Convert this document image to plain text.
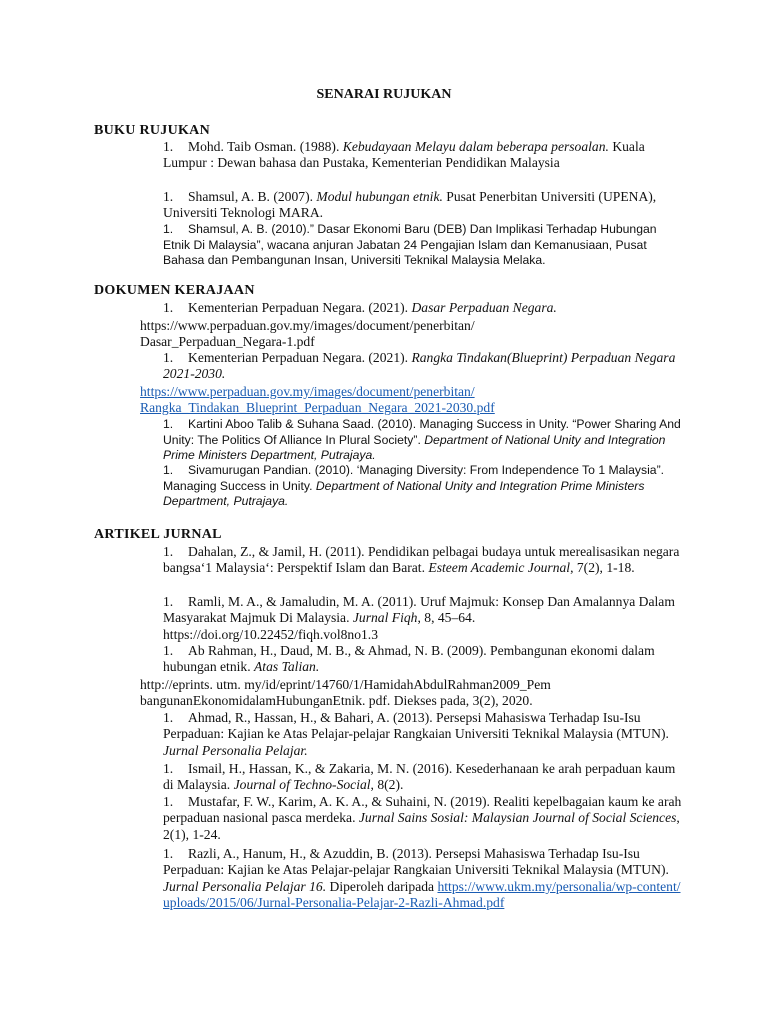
SENARAI RUJUKAN
BUKU RUJUKAN
1. Mohd. Taib Osman. (1988). Kebudayaan Melayu dalam beberapa persoalan. Kuala Lumpur : Dewan bahasa dan Pustaka, Kementerian Pendidikan Malaysia
1. Shamsul, A. B. (2007). Modul hubungan etnik. Pusat Penerbitan Universiti (UPENA), Universiti Teknologi MARA.
1. Shamsul, A. B. (2010).” Dasar Ekonomi Baru (DEB) Dan Implikasi Terhadap Hubungan Etnik Di Malaysia”, wacana anjuran Jabatan 24 Pengajian Islam dan Kemanusiaan, Pusat Bahasa dan Pembangunan Insan, Universiti Teknikal Malaysia Melaka.
DOKUMEN KERAJAAN
1. Kementerian Perpaduan Negara. (2021). Dasar Perpaduan Negara.
https://www.perpaduan.gov.my/images/document/penerbitan/
Dasar_Perpaduan_Negara-1.pdf
1. Kementerian Perpaduan Negara. (2021). Rangka Tindakan(Blueprint) Perpaduan Negara 2021-2030.
https://www.perpaduan.gov.my/images/document/penerbitan/
Rangka_Tindakan_Blueprint_Perpaduan_Negara_2021-2030.pdf
1. Kartini Aboo Talib & Suhana Saad. (2010). Managing Success in Unity. “Power Sharing And Unity: The Politics Of Alliance In Plural Society”. Department of National Unity and Integration Prime Ministers Department, Putrajaya.
1. Sivamurugan Pandian. (2010). ‘Managing Diversity: From Independence To 1 Malaysia”. Managing Success in Unity. Department of National Unity and Integration Prime Ministers Department, Putrajaya.
ARTIKEL JURNAL
1. Dahalan, Z., & Jamil, H. (2011). Pendidikan pelbagai budaya untuk merealisasikan negara bangsa‘1 Malaysia‘: Perspektif Islam dan Barat. Esteem Academic Journal, 7(2), 1-18.
1. Ramli, M. A., & Jamaludin, M. A. (2011). Uruf Majmuk: Konsep Dan Amalannya Dalam Masyarakat Majmuk Di Malaysia. Jurnal Fiqh, 8, 45–64. https://doi.org/10.22452/fiqh.vol8no1.3
1. Ab Rahman, H., Daud, M. B., & Ahmad, N. B. (2009). Pembangunan ekonomi dalam hubungan etnik. Atas Talian.
http://eprints. utm. my/id/eprint/14760/1/HamidahAbdulRahman2009_Pem
bangunanEkonomidalamHubunganEtnik. pdf. Diekses pada, 3(2), 2020.
1. Ahmad, R., Hassan, H., & Bahari, A. (2013). Persepsi Mahasiswa Terhadap Isu-Isu Perpaduan: Kajian ke Atas Pelajar-pelajar Rangkaian Universiti Teknikal Malaysia (MTUN). Jurnal Personalia Pelajar.
1. Ismail, H., Hassan, K., & Zakaria, M. N. (2016). Kesederhanaan ke arah perpaduan kaum di Malaysia. Journal of Techno-Social, 8(2).
1. Mustafar, F. W., Karim, A. K. A., & Suhaini, N. (2019). Realiti kepelbagaian kaum ke arah perpaduan nasional pasca merdeka. Jurnal Sains Sosial: Malaysian Journal of Social Sciences, 2(1), 1-24.
1. Razli, A., Hanum, H., & Azuddin, B. (2013). Persepsi Mahasiswa Terhadap Isu-Isu Perpaduan: Kajian ke Atas Pelajar-pelajar Rangkaian Universiti Teknikal Malaysia (MTUN). Jurnal Personalia Pelajar 16. Diperoleh daripada https://www.ukm.my/personalia/wp-content/uploads/2015/06/Jurnal-Personalia-Pelajar-2-Razli-Ahmad.pdf
